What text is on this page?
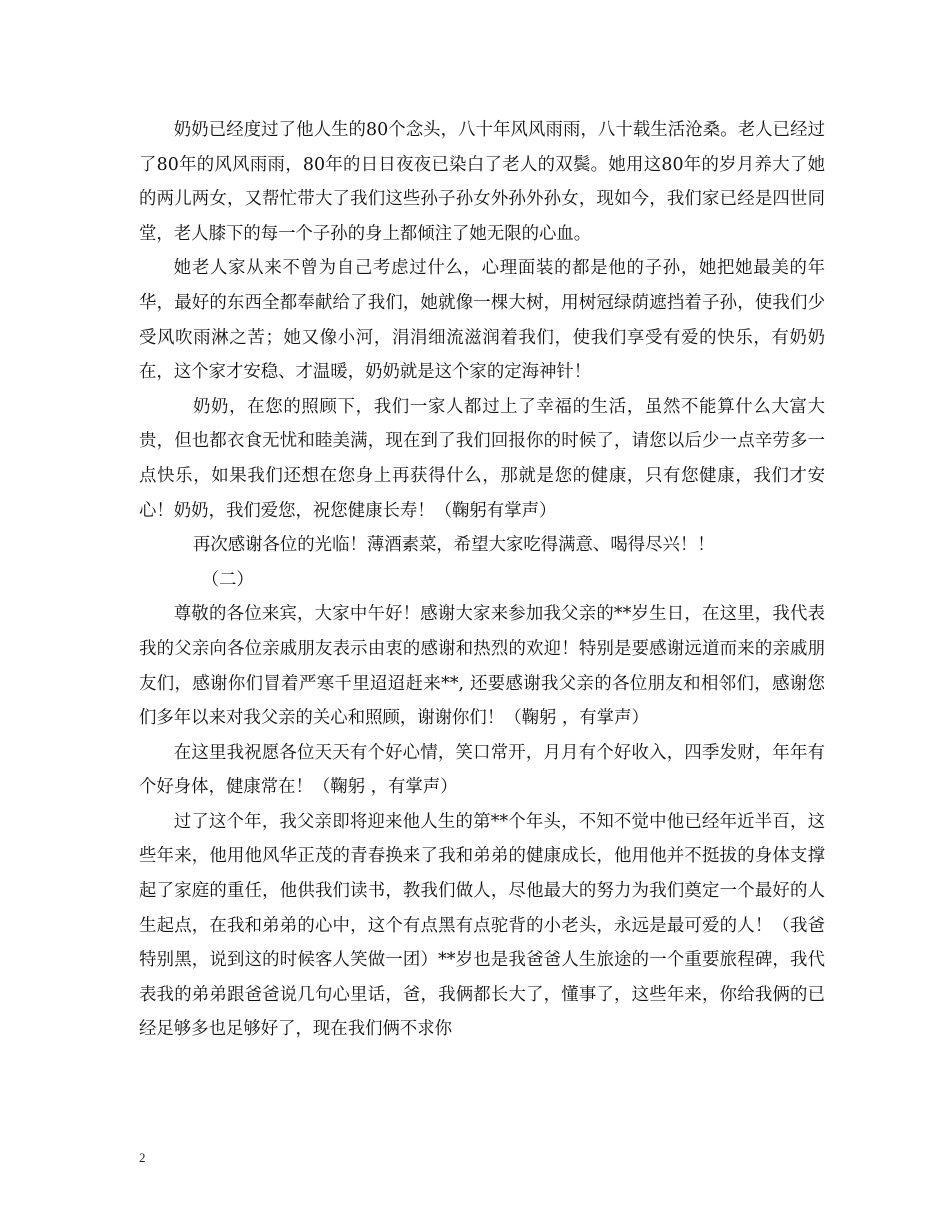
奶奶已经度过了他人生的80个念头，八十年风风雨雨，八十载生活沧桑。老人已经过了80年的风风雨雨，80年的日日夜夜已染白了老人的双鬓。她用这80年的岁月养大了她的两儿两女，又帮忙带大了我们这些孙子孙女外孙外孙女，现如今，我们家已经是四世同堂，老人膝下的每一个子孙的身上都倾注了她无限的心血。

她老人家从来不曾为自己考虑过什么，心理面装的都是他的子孙，她把她最美的年华，最好的东西全都奉献给了我们，她就像一棵大树，用树冠绿荫遮挡着子孙，使我们少受风吹雨淋之苦；她又像小河，涓涓细流滋润着我们，使我们享受有爱的快乐，有奶奶在，这个家才安稳、才温暖，奶奶就是这个家的定海神针！

奶奶，在您的照顾下，我们一家人都过上了幸福的生活，虽然不能算什么大富大贵，但也都衣食无忧和睦美满，现在到了我们回报你的时候了，请您以后少一点辛劳多一点快乐，如果我们还想在您身上再获得什么，那就是您的健康，只有您健康，我们才安心！奶奶，我们爱您，祝您健康长寿！（鞠躬有掌声）

再次感谢各位的光临！薄酒素菜，希望大家吃得满意、喝得尽兴！！

（二）

尊敬的各位来宾，大家中午好！感谢大家来参加我父亲的**岁生日，在这里，我代表我的父亲向各位亲戚朋友表示由衷的感谢和热烈的欢迎！特别是要感谢远道而来的亲戚朋友们，感谢你们冒着严寒千里迢迢赶来**, 还要感谢我父亲的各位朋友和相邻们，感谢您们多年以来对我父亲的关心和照顾，谢谢你们！（鞠躬 ，有掌声）

在这里我祝愿各位天天有个好心情，笑口常开，月月有个好收入，四季发财，年年有个好身体，健康常在！（鞠躬 ，有掌声）

过了这个年，我父亲即将迎来他人生的第**个年头，不知不觉中他已经年近半百，这些年来，他用他风华正茂的青春换来了我和弟弟的健康成长，他用他并不挺拔的身体支撑起了家庭的重任，他供我们读书，教我们做人，尽他最大的努力为我们奠定一个最好的人生起点，在我和弟弟的心中，这个有点黑有点驼背的小老头，永远是最可爱的人！（我爸特别黑，说到这的时候客人笑做一团）**岁也是我爸爸人生旅途的一个重要旅程碑，我代表我的弟弟跟爸爸说几句心里话，爸，我俩都长大了，懂事了，这些年来，你给我俩的已经足够多也足够好了，现在我们俩不求你

2
